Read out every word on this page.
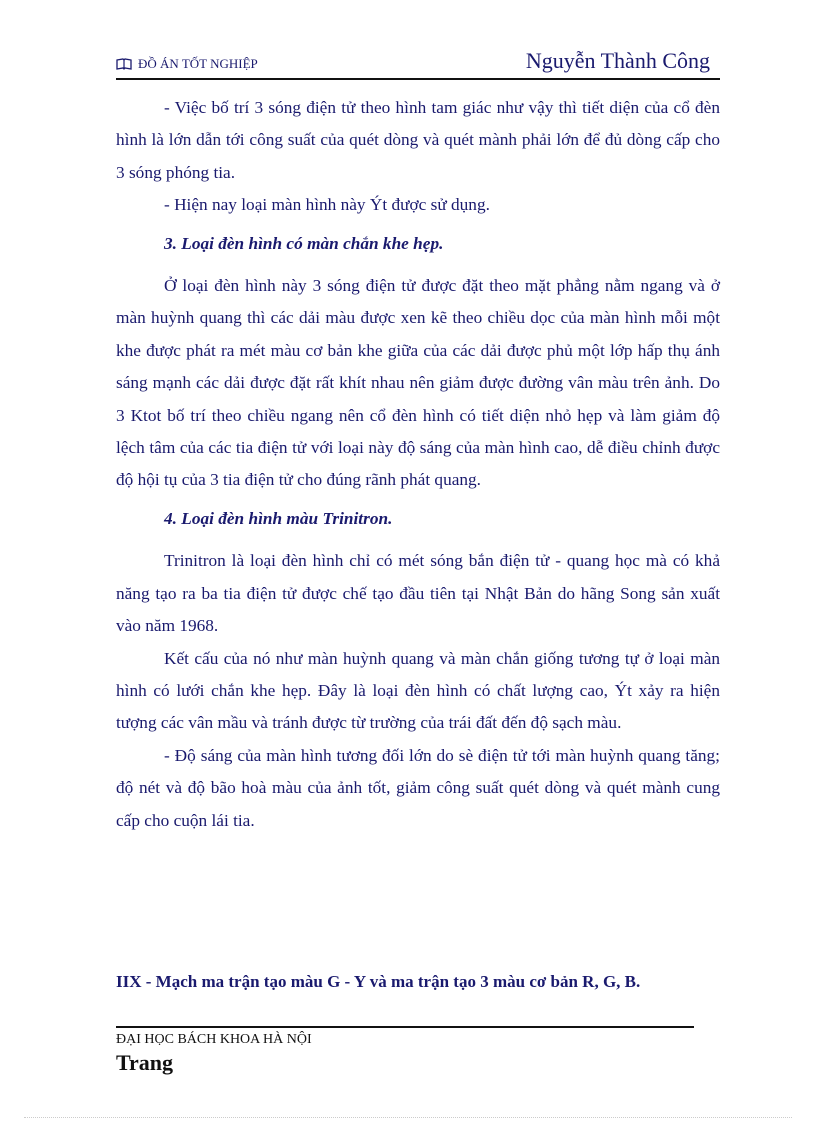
ĐỒ ÁN TỐT NGHIỆP	Nguyễn Thành Công

- Việc bố trí 3 sóng điện tử theo hình tam giác như vậy thì tiết diện của cổ đèn hình là lớn dẫn tới công suất của quét dòng và quét mành phải lớn để đủ dòng cấp cho 3 sóng phóng tia.

- Hiện nay loại màn hình này Ýt được sử dụng.

3. Loại đèn hình có màn chắn khe hẹp.

Ở loại đèn hình này 3 sóng điện tử được đặt theo mặt phẳng nằm ngang và ở màn huỳnh quang thì các dải màu được xen kẽ theo chiều dọc của màn hình mỗi một khe được phát ra mét màu cơ bản khe giữa của các dải được phủ một lớp hấp thụ ánh sáng mạnh các dải được đặt rất khít nhau nên giảm được đường vân màu trên ảnh. Do 3 Ktot bố trí theo chiều ngang nên cổ đèn hình có tiết diện nhỏ hẹp và làm giảm độ lệch tâm của các tia điện tử với loại này độ sáng của màn hình cao, dễ điều chỉnh được độ hội tụ của 3 tia điện tử cho đúng rãnh phát quang.

4. Loại đèn hình màu Trinitron.

Trinitron là loại đèn hình chỉ có mét sóng bắn điện tử - quang học mà có khả năng tạo ra ba tia điện tử được chế tạo đầu tiên tại Nhật Bản do hãng Song sản xuất vào năm 1968.

Kết cấu của nó như màn huỳnh quang và màn chắn giống tương tự ở loại màn hình có lưới chắn khe hẹp. Đây là loại đèn hình có chất lượng cao, Ýt xảy ra hiện tượng các vân mầu và tránh được từ trường của trái đất đến độ sạch màu.

- Độ sáng của màn hình tương đối lớn do sè điện tử tới màn huỳnh quang tăng; độ nét và độ bão hoà màu của ảnh tốt, giảm công suất quét dòng và quét mành cung cấp cho cuộn lái tia.

IIX - Mạch ma trận tạo màu G - Y và ma trận tạo 3 màu cơ bản R, G, B.
ĐẠI HỌC BÁCH KHOA HÀ NỘI
Trang
